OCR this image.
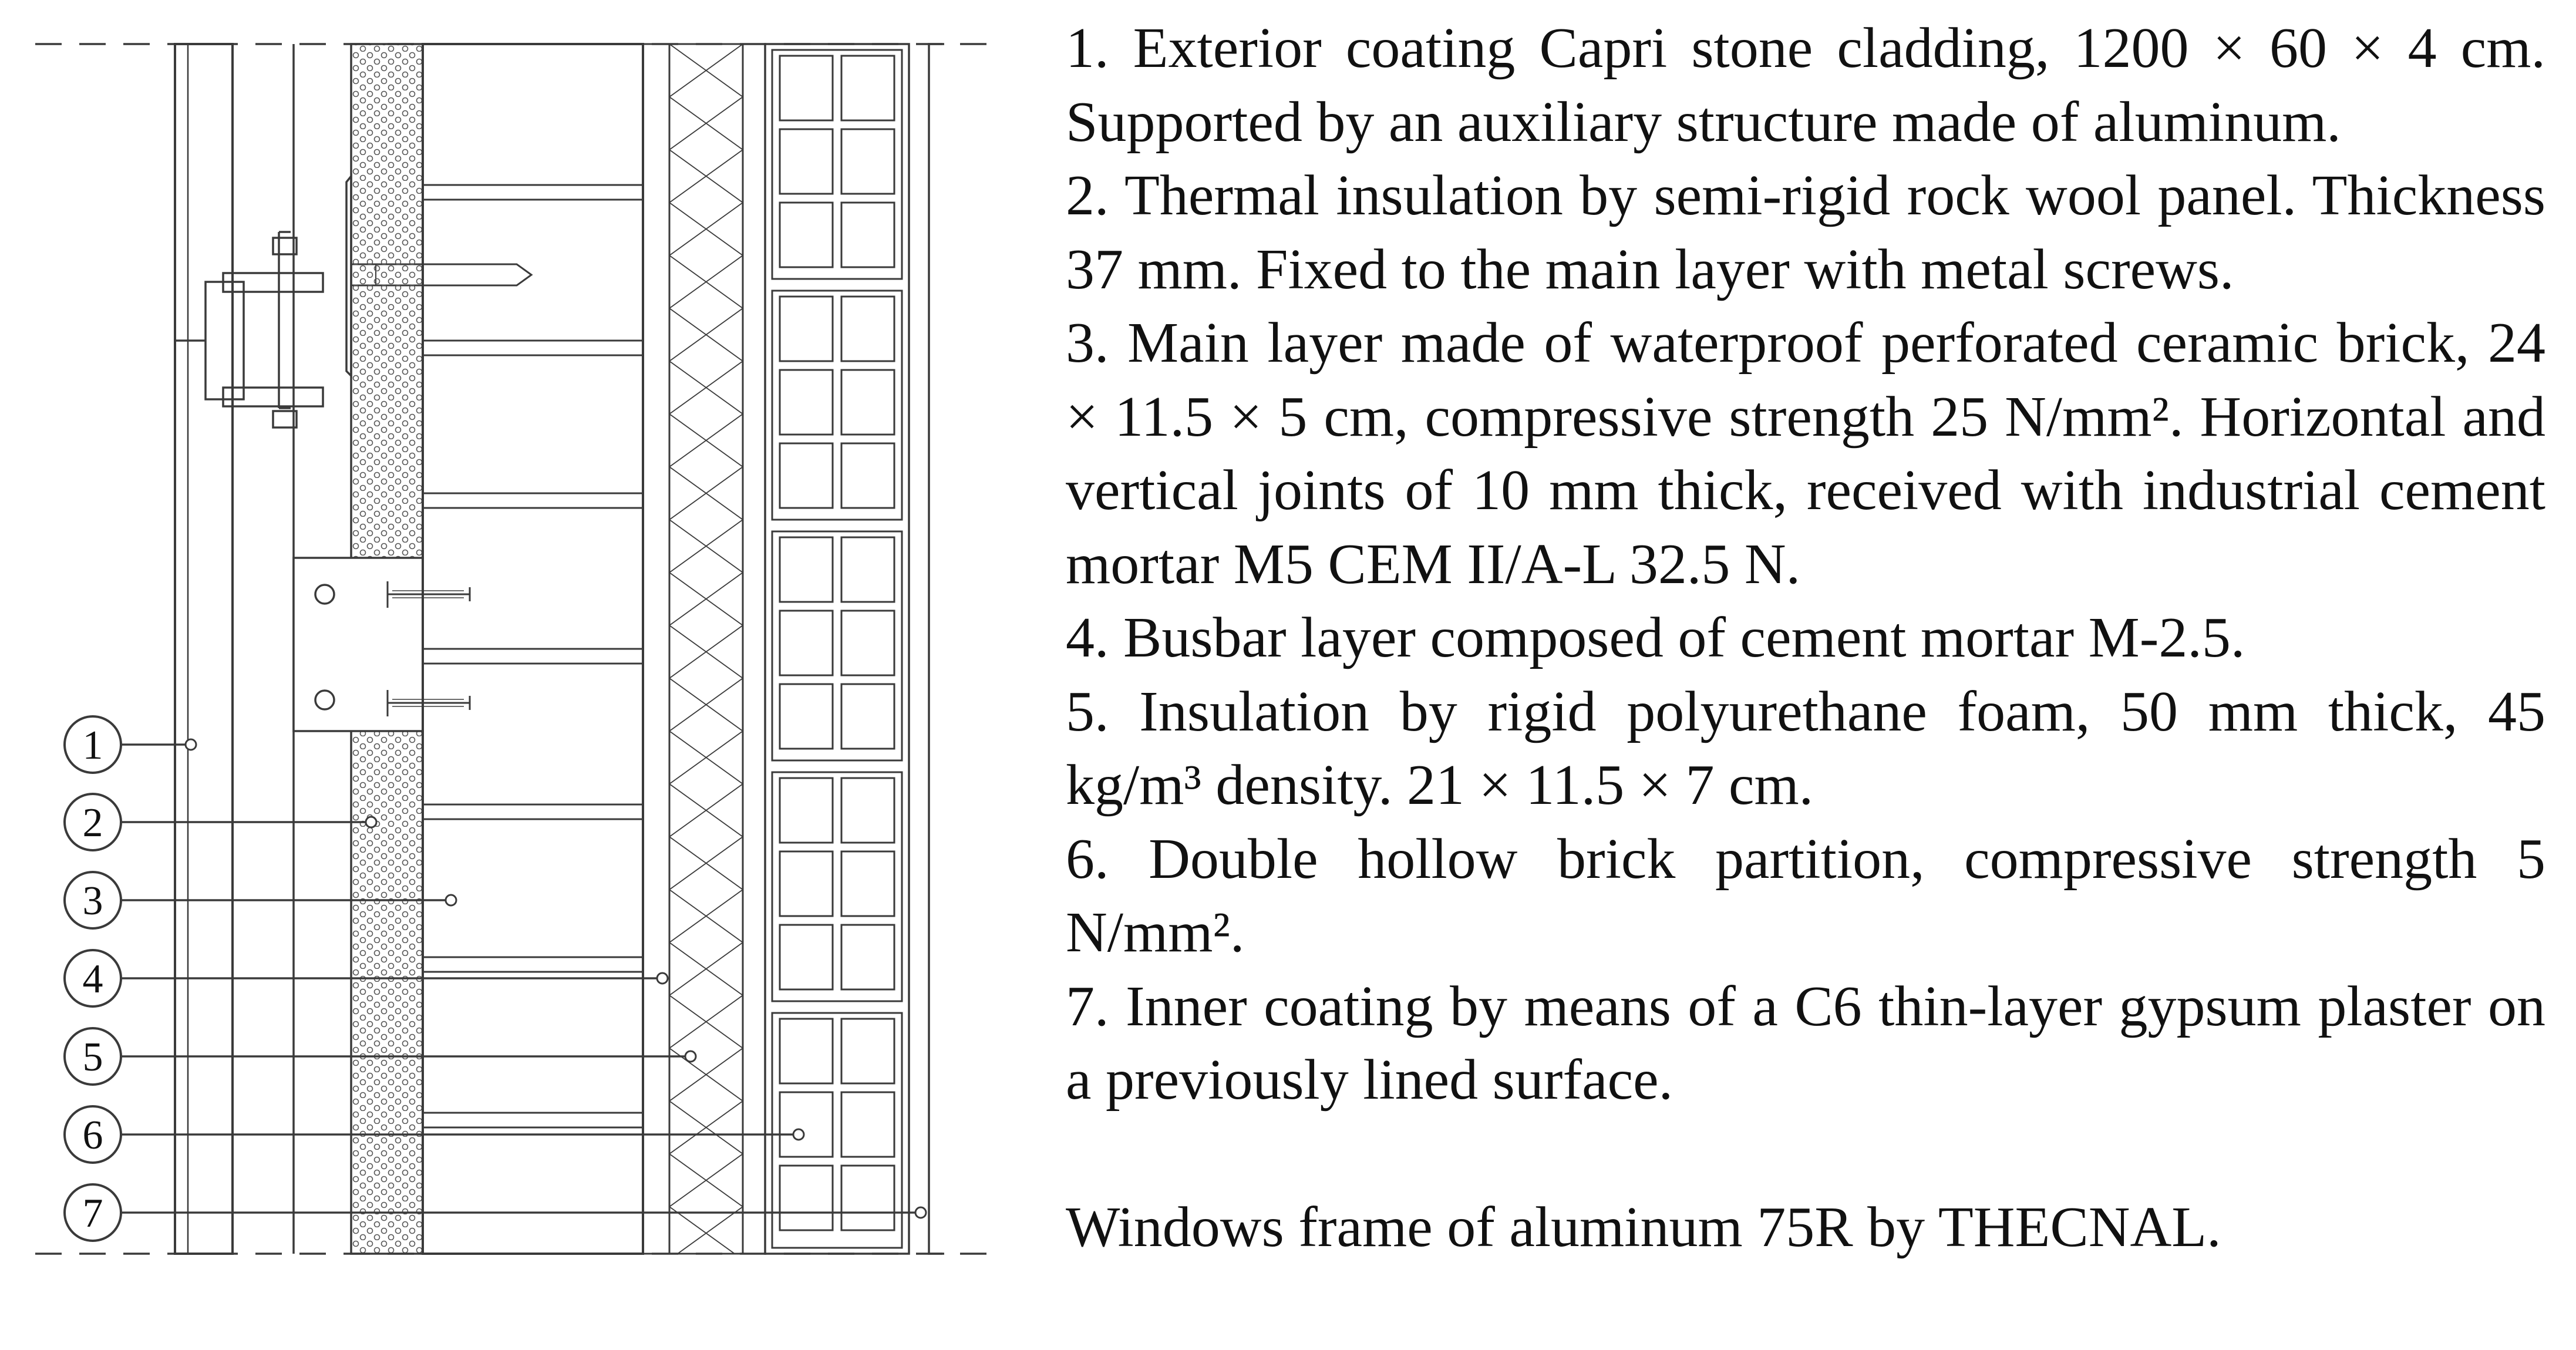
1
2
3
4
5
6
7

1. Exterior coating Capri stone cladding, 1200 × 60 × 4 cm. Supported by an auxiliary structure made of aluminum.

2. Thermal insulation by semi-rigid rock wool panel. Thickness 37 mm. Fixed to the main layer with metal screws.

3. Main layer made of waterproof perforated ceramic brick, 24 × 11.5 × 5 cm, compressive strength 25 N/mm². Horizontal and vertical joints of 10 mm thick, received with industrial cement mortar M5 CEM II/A-L 32.5 N.

4. Busbar layer composed of cement mortar M-2.5.

5. Insulation by rigid polyurethane foam, 50 mm thick, 45 kg/m³ density. 21 × 11.5 × 7 cm.

6. Double hollow brick partition, compressive strength 5 N/mm².

7. Inner coating by means of a C6 thin-layer gypsum plaster on a previously lined surface.

Windows frame of aluminum 75R by THECNAL.
